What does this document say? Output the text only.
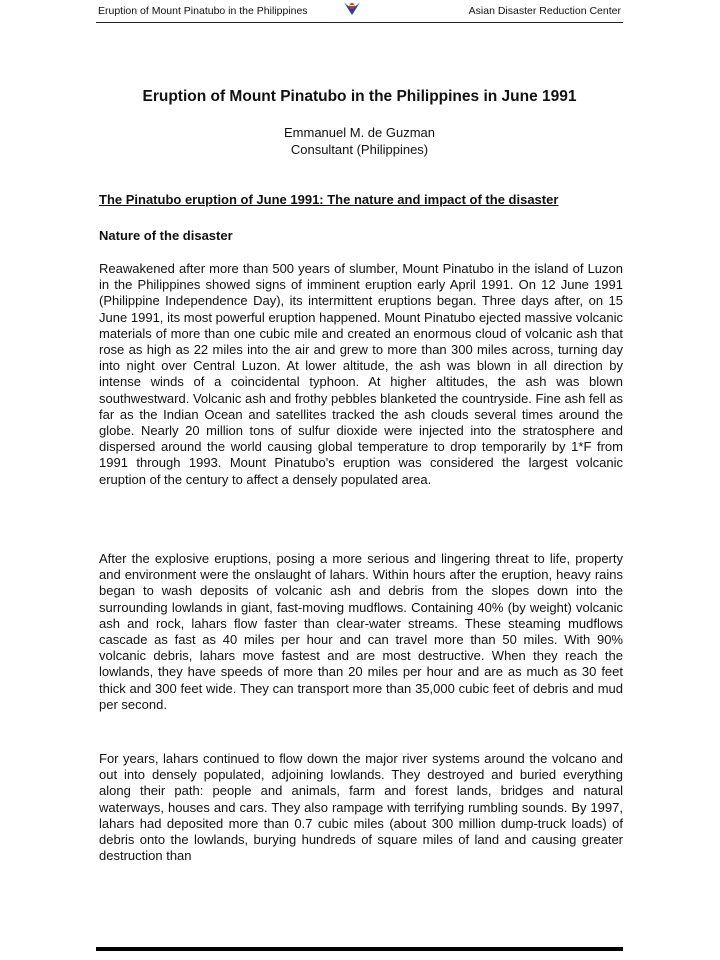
Eruption of Mount Pinatubo in the Philippines	Asian Disaster Reduction Center
Eruption of Mount Pinatubo in the Philippines in June 1991
Emmanuel M. de Guzman
Consultant (Philippines)
The Pinatubo eruption of June 1991: The nature and impact of the disaster
Nature of the disaster

Reawakened after more than 500 years of slumber, Mount Pinatubo in the island of Luzon in the Philippines showed signs of imminent eruption early April 1991. On 12 June 1991 (Philippine Independence Day), its intermittent eruptions began. Three days after, on 15 June 1991, its most powerful eruption happened. Mount Pinatubo ejected massive volcanic materials of more than one cubic mile and created an enormous cloud of volcanic ash that rose as high as 22 miles into the air and grew to more than 300 miles across, turning day into night over Central Luzon. At lower altitude, the ash was blown in all direction by intense winds of a coincidental typhoon. At higher altitudes, the ash was blown southwestward. Volcanic ash and frothy pebbles blanketed the countryside. Fine ash fell as far as the Indian Ocean and satellites tracked the ash clouds several times around the globe. Nearly 20 million tons of sulfur dioxide were injected into the stratosphere and dispersed around the world causing global temperature to drop temporarily by 1*F from 1991 through 1993. Mount Pinatubo's eruption was considered the largest volcanic eruption of the century to affect a densely populated area.

After the explosive eruptions, posing a more serious and lingering threat to life, property and environment were the onslaught of lahars. Within hours after the eruption, heavy rains began to wash deposits of volcanic ash and debris from the slopes down into the surrounding lowlands in giant, fast-moving mudflows. Containing 40% (by weight) volcanic ash and rock, lahars flow faster than clear-water streams. These steaming mudflows cascade as fast as 40 miles per hour and can travel more than 50 miles. With 90% volcanic debris, lahars move fastest and are most destructive. When they reach the lowlands, they have speeds of more than 20 miles per hour and are as much as 30 feet thick and 300 feet wide. They can transport more than 35,000 cubic feet of debris and mud per second.

For years, lahars continued to flow down the major river systems around the volcano and out into densely populated, adjoining lowlands. They destroyed and buried everything along their path: people and animals, farm and forest lands, bridges and natural waterways, houses and cars. They also rampage with terrifying rumbling sounds. By 1997, lahars had deposited more than 0.7 cubic miles (about 300 million dump-truck loads) of debris onto the lowlands, burying hundreds of square miles of land and causing greater destruction than
